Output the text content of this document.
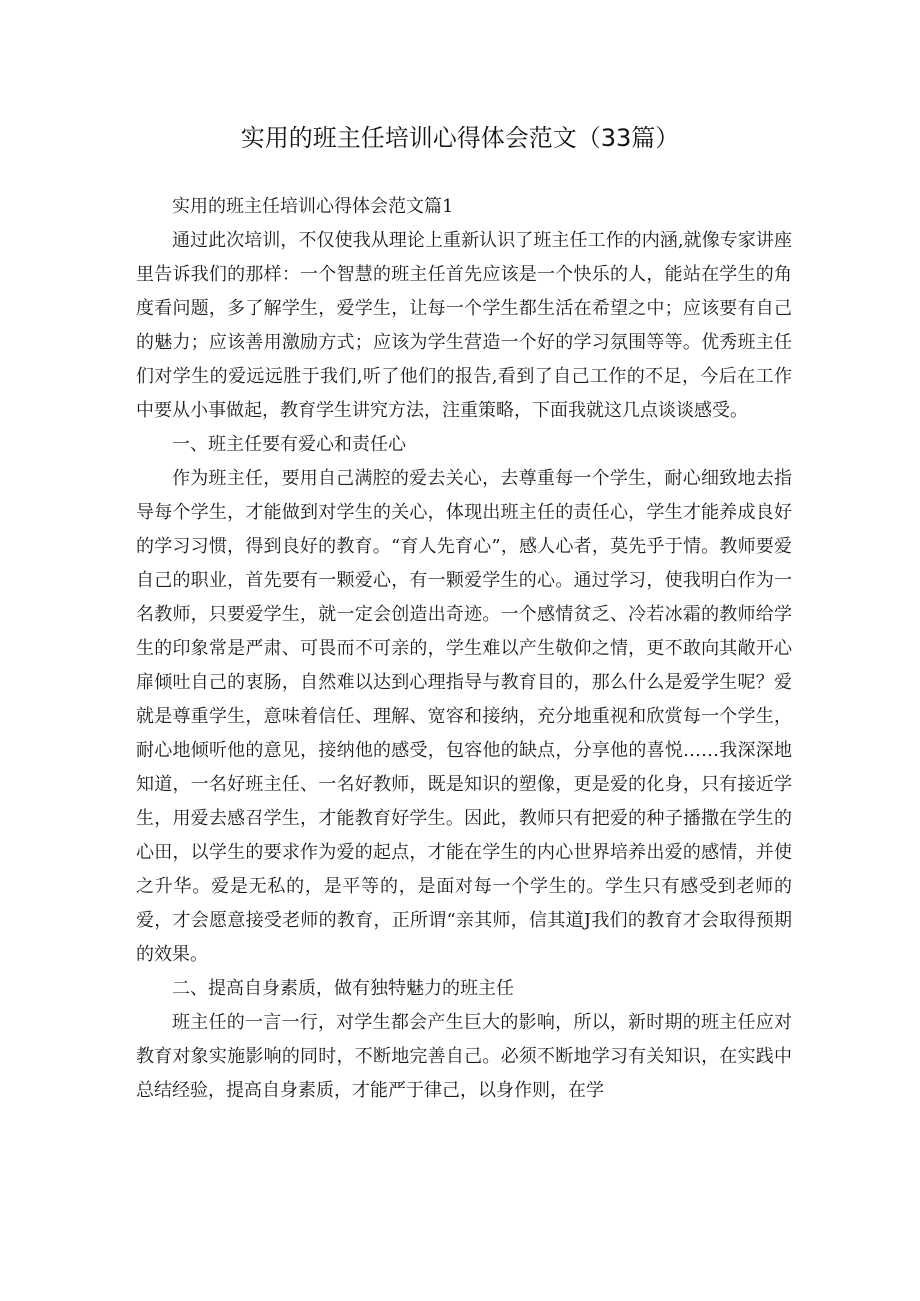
实用的班主任培训心得体会范文（33篇）

实用的班主任培训心得体会范文篇1

通过此次培训，不仅使我从理论上重新认识了班主任工作的内涵,就像专家讲座里告诉我们的那样：一个智慧的班主任首先应该是一个快乐的人，能站在学生的角度看问题，多了解学生，爱学生，让每一个学生都生活在希望之中；应该要有自己的魅力；应该善用激励方式；应该为学生营造一个好的学习氛围等等。优秀班主任们对学生的爱远远胜于我们,听了他们的报告,看到了自己工作的不足，今后在工作中要从小事做起，教育学生讲究方法，注重策略，下面我就这几点谈谈感受。

一、班主任要有爱心和责任心

作为班主任，要用自己满腔的爱去关心，去尊重每一个学生，耐心细致地去指导每个学生，才能做到对学生的关心，体现出班主任的责任心，学生才能养成良好的学习习惯，得到良好的教育。“育人先育心”，感人心者，莫先乎于情。教师要爱自己的职业，首先要有一颗爱心，有一颗爱学生的心。通过学习，使我明白作为一名教师，只要爱学生，就一定会创造出奇迹。一个感情贫乏、冷若冰霜的教师给学生的印象常是严肃、可畏而不可亲的，学生难以产生敬仰之情，更不敢向其敞开心扉倾吐自己的衷肠，自然难以达到心理指导与教育目的，那么什么是爱学生呢？爱就是尊重学生，意味着信任、理解、宽容和接纳，充分地重视和欣赏每一个学生，耐心地倾听他的意见，接纳他的感受，包容他的缺点，分享他的喜悦……我深深地知道，一名好班主任、一名好教师，既是知识的塑像，更是爱的化身，只有接近学生，用爱去感召学生，才能教育好学生。因此，教师只有把爱的种子播撒在学生的心田，以学生的要求作为爱的起点，才能在学生的内心世界培养出爱的感情，并使之升华。爱是无私的，是平等的，是面对每一个学生的。学生只有感受到老师的爱，才会愿意接受老师的教育，正所谓“亲其师，信其道J我们的教育才会取得预期的效果。

二、提高自身素质，做有独特魅力的班主任

班主任的一言一行，对学生都会产生巨大的影响，所以，新时期的班主任应对教育对象实施影响的同时，不断地完善自己。必须不断地学习有关知识，在实践中总结经验，提高自身素质，才能严于律己，以身作则，在学
